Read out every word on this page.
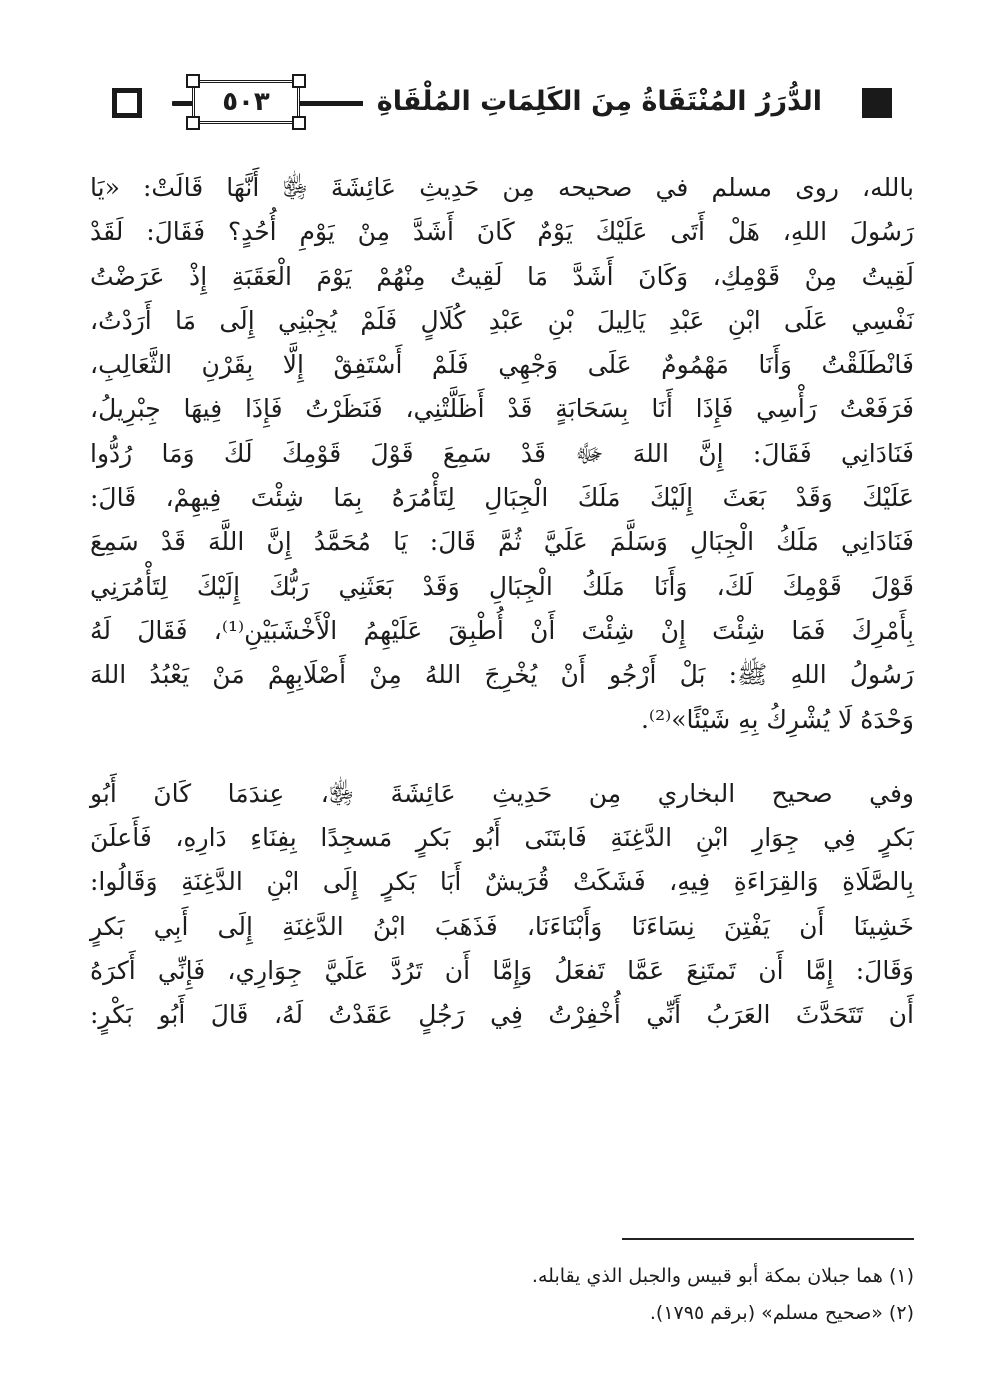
٥٠٣	الدُّرَرُ المُنْتَقَاةُ مِنَ الكَلِمَاتِ المُلْقَاةِ

بالله، روى مسلم في صحيحه مِن حَدِيثِ عَائِشَةَ ﵂ أَنَّهَا قَالَتْ: «يَا

رَسُولَ اللهِ، هَلْ أَتَى عَلَيْكَ يَوْمٌ كَانَ أَشَدَّ مِنْ يَوْمِ أُحُدٍ؟ فَقَالَ: لَقَدْ

لَقِيتُ مِنْ قَوْمِكِ، وَكَانَ أَشَدَّ مَا لَقِيتُ مِنْهُمْ يَوْمَ الْعَقَبَةِ إِذْ عَرَضْتُ

نَفْسِي عَلَى ابْنِ عَبْدِ يَالِيلَ بْنِ عَبْدِ كُلَالٍ فَلَمْ يُجِبْنِي إِلَى مَا أَرَدْتُ،

فَانْطَلَقْتُ وَأَنَا مَهْمُومٌ عَلَى وَجْهِي فَلَمْ أَسْتَفِقْ إِلَّا بِقَرْنِ الثَّعَالِبِ،

فَرَفَعْتُ رَأْسِي فَإِذَا أَنَا بِسَحَابَةٍ قَدْ أَظَلَّتْنِي، فَنَظَرْتُ فَإِذَا فِيهَا جِبْرِيلُ،

فَنَادَانِي فَقَالَ: إِنَّ اللهَ ﷻ قَدْ سَمِعَ قَوْلَ قَوْمِكَ لَكَ وَمَا رُدُّوا

عَلَيْكَ وَقَدْ بَعَثَ إِلَيْكَ مَلَكَ الْجِبَالِ لِتَأْمُرَهُ بِمَا شِئْتَ فِيهِمْ، قَالَ:

فَنَادَانِي مَلَكُ الْجِبَالِ وَسَلَّمَ عَلَيَّ ثُمَّ قَالَ: يَا مُحَمَّدُ إِنَّ اللَّهَ قَدْ سَمِعَ

قَوْلَ قَوْمِكَ لَكَ، وَأَنَا مَلَكُ الْجِبَالِ وَقَدْ بَعَثَنِي رَبُّكَ إِلَيْكَ لِتَأْمُرَنِي

بِأَمْرِكَ فَمَا شِئْتَ إِنْ شِئْتَ أَنْ أُطْبِقَ عَلَيْهِمُ الْأَخْشَبَيْنِ⁽¹⁾، فَقَالَ لَهُ

رَسُولُ اللهِ ﷺ: بَلْ أَرْجُو أَنْ يُخْرِجَ اللهُ مِنْ أَصْلَابِهِمْ مَنْ يَعْبُدُ اللهَ

وَحْدَهُ لَا يُشْرِكُ بِهِ شَيْئًا»⁽²⁾.

وفي صحيح البخاري مِن حَدِيثِ عَائِشَةَ ﵂، عِندَمَا كَانَ أَبُو

بَكرٍ فِي جِوَارِ ابْنِ الدَّغِنَةِ فَابتَنَى أَبُو بَكرٍ مَسجِدًا بِفِنَاءِ دَارِهِ، فَأَعلَنَ

بِالصَّلَاةِ وَالقِرَاءَةِ فِيهِ، فَشَكَتْ قُرَيشٌ أَبَا بَكرٍ إِلَى ابْنِ الدَّغِنَةِ وَقَالُوا:

خَشِينَا أَن يَفْتِنَ نِسَاءَنَا وَأَبْنَاءَنَا، فَذَهَبَ ابْنُ الدَّغِنَةِ إِلَى أَبِي بَكرٍ

وَقَالَ: إِمَّا أَن تَمتَنِعَ عَمَّا تَفعَلُ وَإِمَّا أَن تَرُدَّ عَلَيَّ جِوَارِي، فَإِنِّي أَكرَهُ

أَن تَتَحَدَّثَ العَرَبُ أَنِّي أُخْفِرْتُ فِي رَجُلٍ عَقَدْتُ لَهُ، قَالَ أَبُو بَكْرٍ:

(١) هما جبلان بمكة أبو قبيس والجبل الذي يقابله.

(٢) «صحيح مسلم» (برقم ١٧٩٥).
